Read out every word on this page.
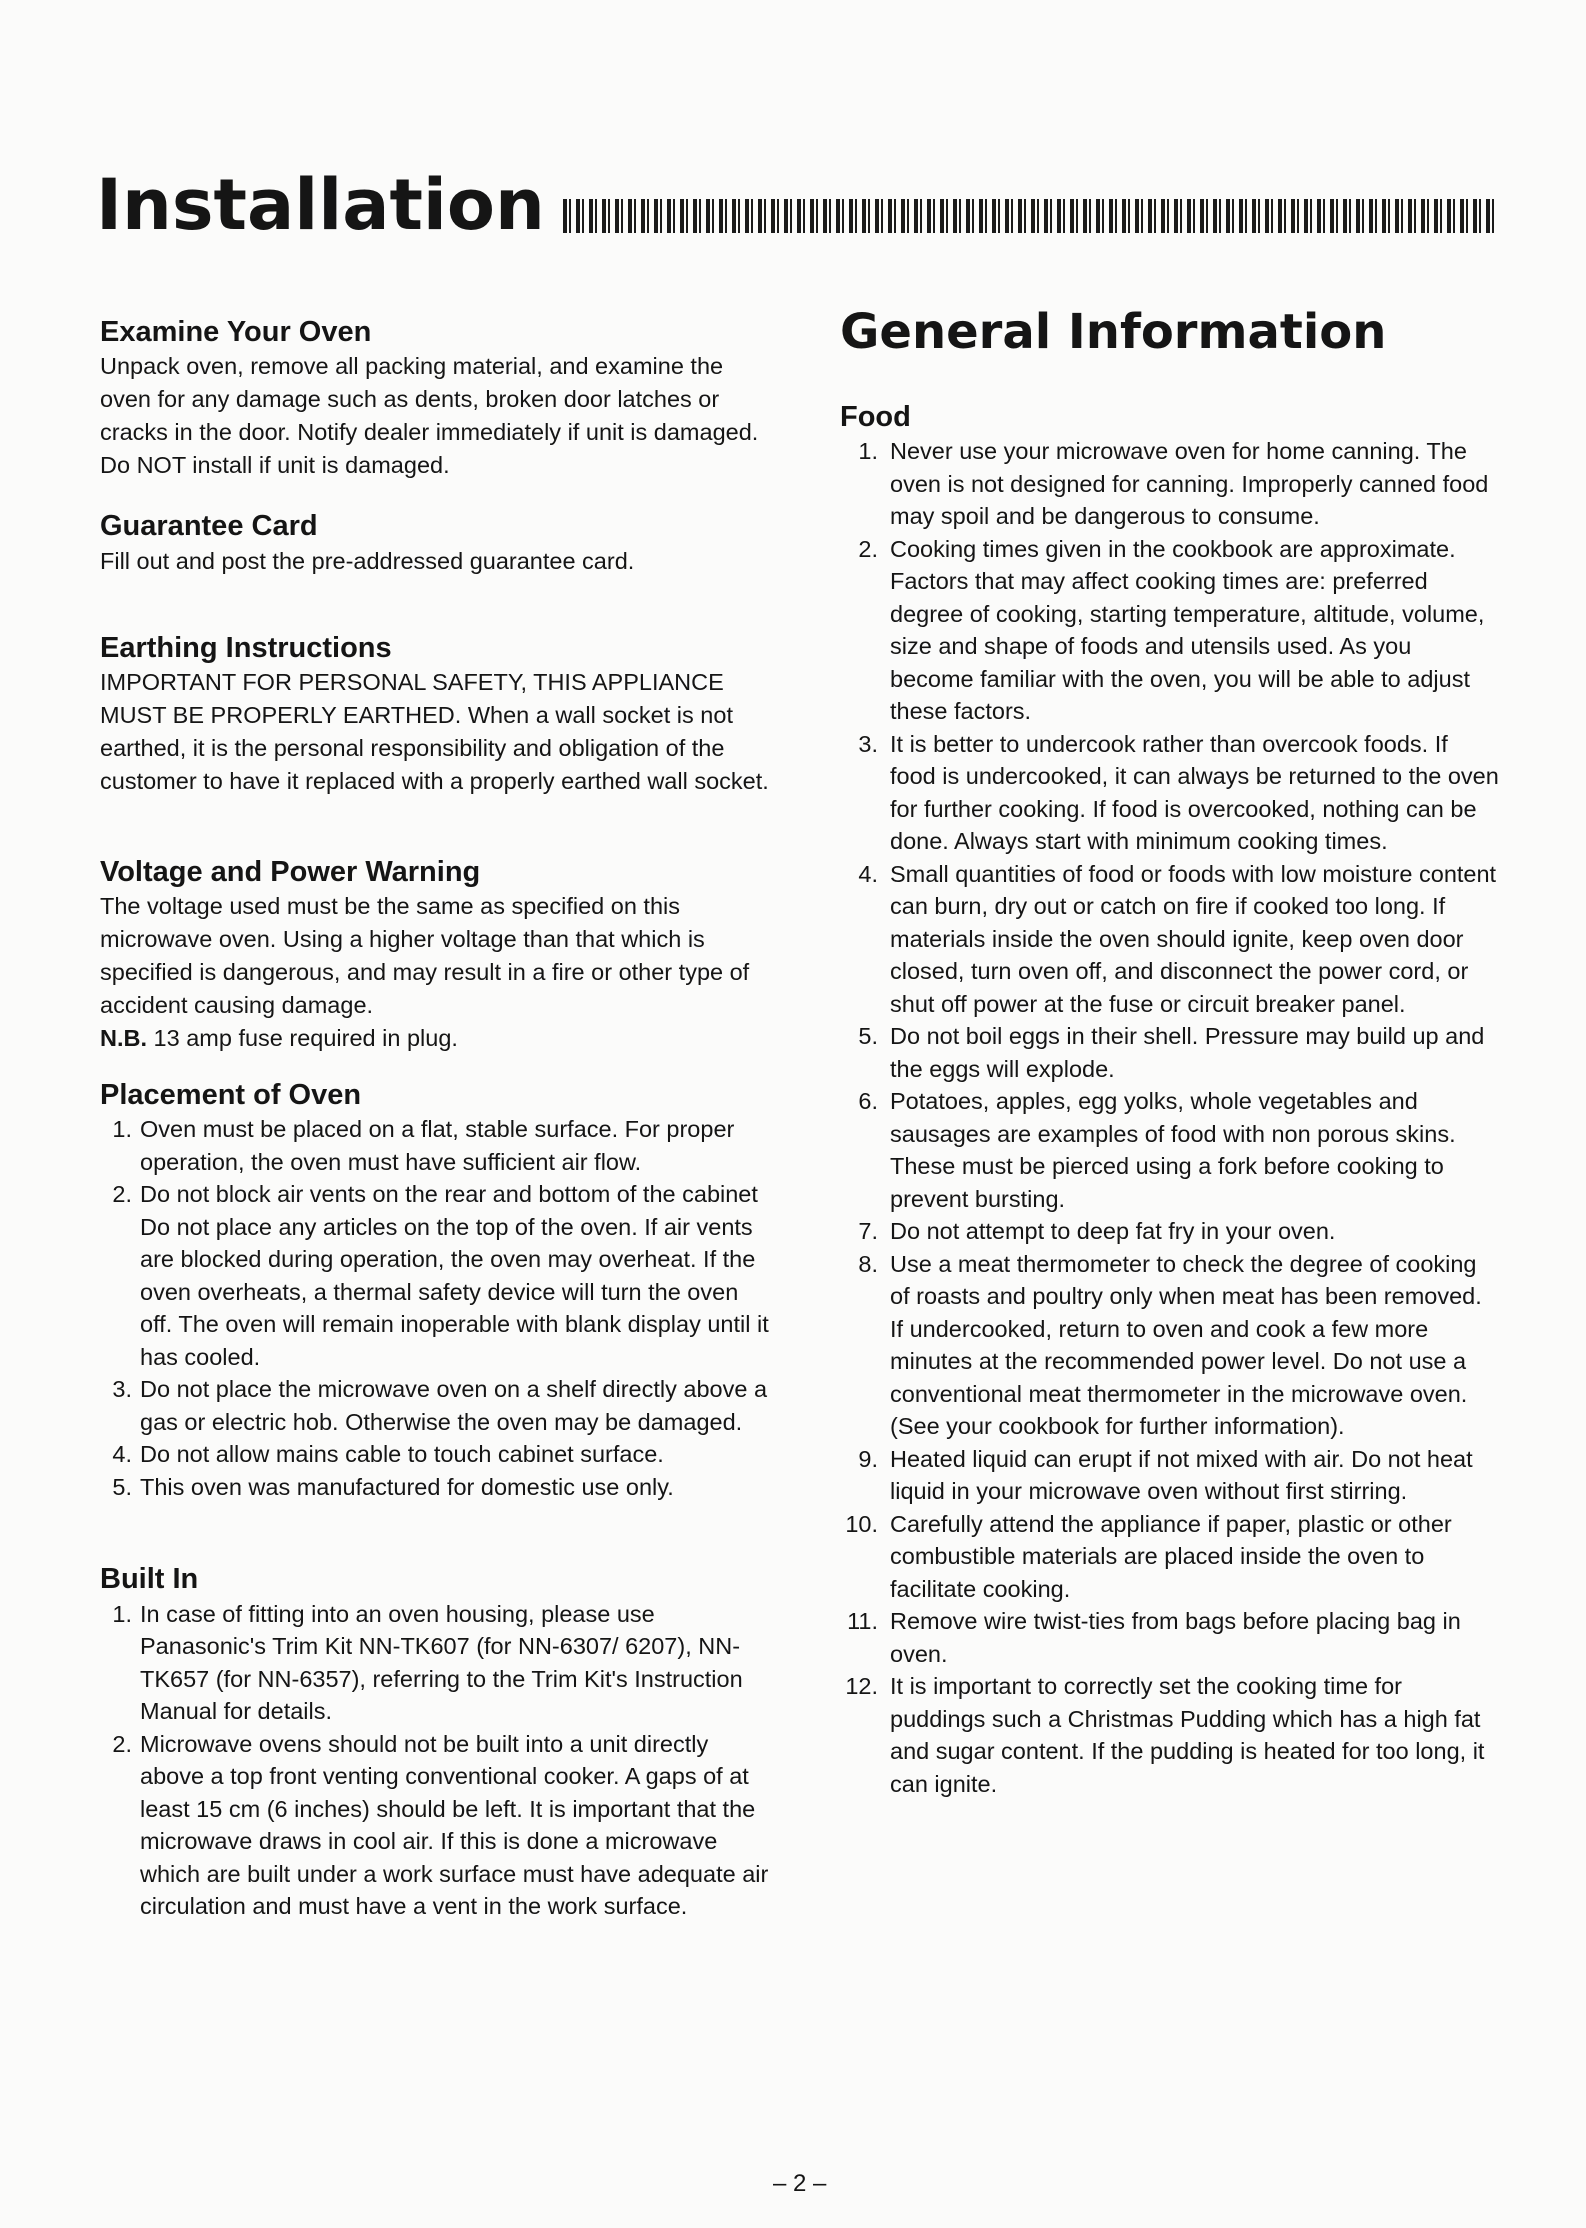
Installation
Examine Your Oven

Unpack oven, remove all packing material, and examine the oven for any damage such as dents, broken door latches or cracks in the door. Notify dealer immediately if unit is damaged. Do NOT install if unit is damaged.

Guarantee Card

Fill out and post the pre-addressed guarantee card.

Earthing Instructions

IMPORTANT FOR PERSONAL SAFETY, THIS APPLIANCE MUST BE PROPERLY EARTHED. When a wall socket is not earthed, it is the personal responsibility and obligation of the customer to have it replaced with a properly earthed wall socket.

Voltage and Power Warning

The voltage used must be the same as specified on this microwave oven. Using a higher voltage than that which is specified is dangerous, and may result in a fire or other type of accident causing damage.

N.B. 13 amp fuse required in plug.

Placement of Oven
1. Oven must be placed on a flat, stable surface. For proper operation, the oven must have sufficient air flow.
2. Do not block air vents on the rear and bottom of the cabinet Do not place any articles on the top of the oven. If air vents are blocked during operation, the oven may overheat. If the oven overheats, a thermal safety device will turn the oven off. The oven will remain inoperable with blank display until it has cooled.
3. Do not place the microwave oven on a shelf directly above a gas or electric hob. Otherwise the oven may be damaged.
4. Do not allow mains cable to touch cabinet surface.
5. This oven was manufactured for domestic use only.
Built In
1. In case of fitting into an oven housing, please use Panasonic's Trim Kit NN-TK607 (for NN-6307/ 6207), NN-TK657 (for NN-6357), referring to the Trim Kit's Instruction Manual for details.
2. Microwave ovens should not be built into a unit directly above a top front venting conventional cooker. A gaps of at least 15 cm (6 inches) should be left. It is important that the microwave draws in cool air. If this is done a microwave which are built under a work surface must have adequate air circulation and must have a vent in the work surface.
General Information
Food
1. Never use your microwave oven for home canning. The oven is not designed for canning. Improperly canned food may spoil and be dangerous to consume.
2. Cooking times given in the cookbook are approximate. Factors that may affect cooking times are: preferred degree of cooking, starting temperature, altitude, volume, size and shape of foods and utensils used. As you become familiar with the oven, you will be able to adjust these factors.
3. It is better to undercook rather than overcook foods. If food is undercooked, it can always be returned to the oven for further cooking. If food is overcooked, nothing can be done. Always start with minimum cooking times.
4. Small quantities of food or foods with low moisture content can burn, dry out or catch on fire if cooked too long. If materials inside the oven should ignite, keep oven door closed, turn oven off, and disconnect the power cord, or shut off power at the fuse or circuit breaker panel.
5. Do not boil eggs in their shell. Pressure may build up and the eggs will explode.
6. Potatoes, apples, egg yolks, whole vegetables and sausages are examples of food with non porous skins. These must be pierced using a fork before cooking to prevent bursting.
7. Do not attempt to deep fat fry in your oven.
8. Use a meat thermometer to check the degree of cooking of roasts and poultry only when meat has been removed. If undercooked, return to oven and cook a few more minutes at the recommended power level. Do not use a conventional meat thermometer in the microwave oven. (See your cookbook for further information).
9. Heated liquid can erupt if not mixed with air. Do not heat liquid in your microwave oven without first stirring.
10. Carefully attend the appliance if paper, plastic or other combustible materials are placed inside the oven to facilitate cooking.
11. Remove wire twist-ties from bags before placing bag in oven.
12. It is important to correctly set the cooking time for puddings such a Christmas Pudding which has a high fat and sugar content. If the pudding is heated for too long, it can ignite.
– 2 –
